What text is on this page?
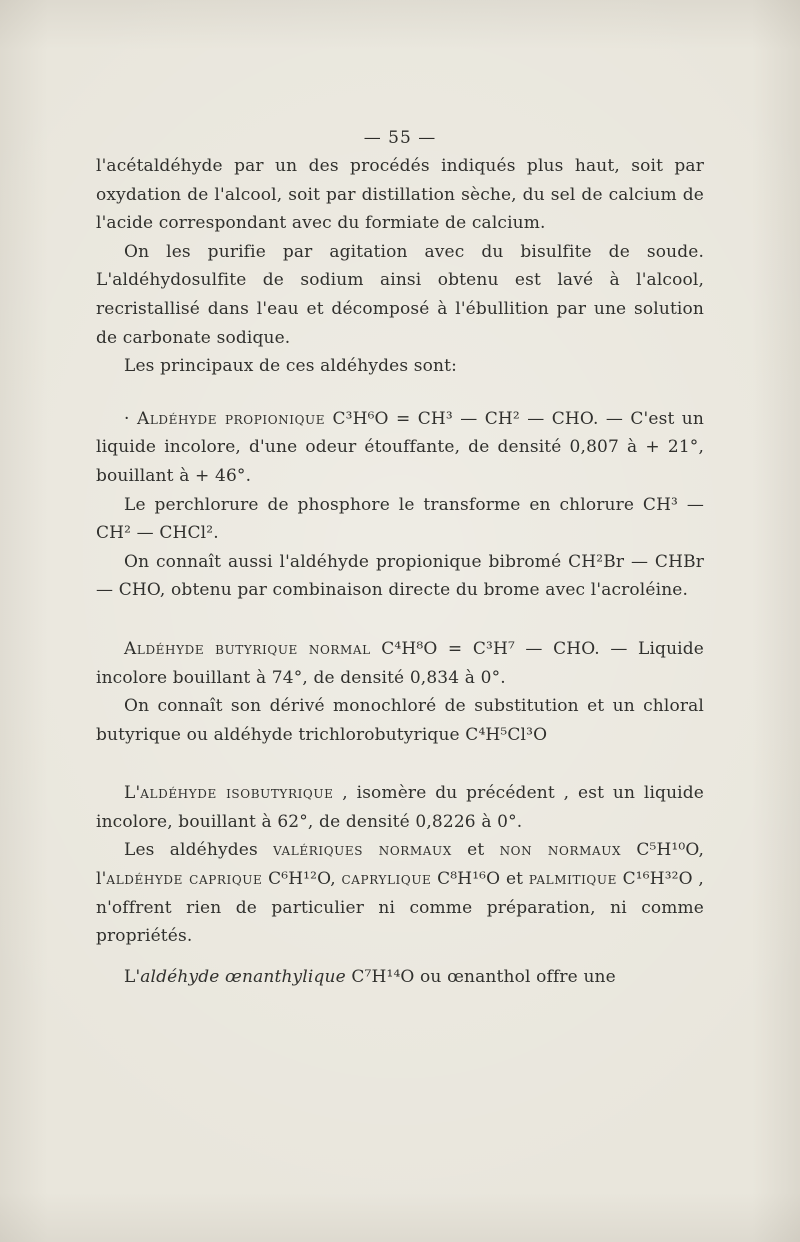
— 55 —

l'acétaldéhyde par un des procédés indiqués plus haut, soit par oxydation de l'alcool, soit par distillation sèche, du sel de calcium de l'acide correspondant avec du formiate de calcium.

On les purifie par agitation avec du bisulfite de soude. L'aldéhydosulfite de sodium ainsi obtenu est lavé à l'alcool, recristallisé dans l'eau et décomposé à l'ébullition par une solution de carbonate sodique.

Les principaux de ces aldéhydes sont:

· Aldéhyde propionique C³H⁶O = CH³ — CH² — CHO. — C'est un liquide incolore, d'une odeur étouffante, de densité 0,807 à + 21°, bouillant à + 46°.

Le perchlorure de phosphore le transforme en chlorure CH³ — CH² — CHCl².

On connaît aussi l'aldéhyde propionique bibromé CH²Br — CHBr — CHO, obtenu par combinaison directe du brome avec l'acroléine.

Aldéhyde butyrique normal C⁴H⁸O = C³H⁷ — CHO. — Liquide incolore bouillant à 74°, de densité 0,834 à 0°.

On connaît son dérivé monochloré de substitution et un chloral butyrique ou aldéhyde trichlorobutyrique C⁴H⁵Cl³O

L'aldéhyde isobutyrique , isomère du précédent , est un liquide incolore, bouillant à 62°, de densité 0,8226 à 0°.

Les aldéhydes valériques normaux et non normaux C⁵H¹⁰O, l'aldéhyde caprique C⁶H¹²O, caprylique C⁸H¹⁶O et palmitique C¹⁶H³²O , n'offrent rien de particulier ni comme préparation, ni comme propriétés.

L'aldéhyde œnanthylique C⁷H¹⁴O ou œnanthol offre une
